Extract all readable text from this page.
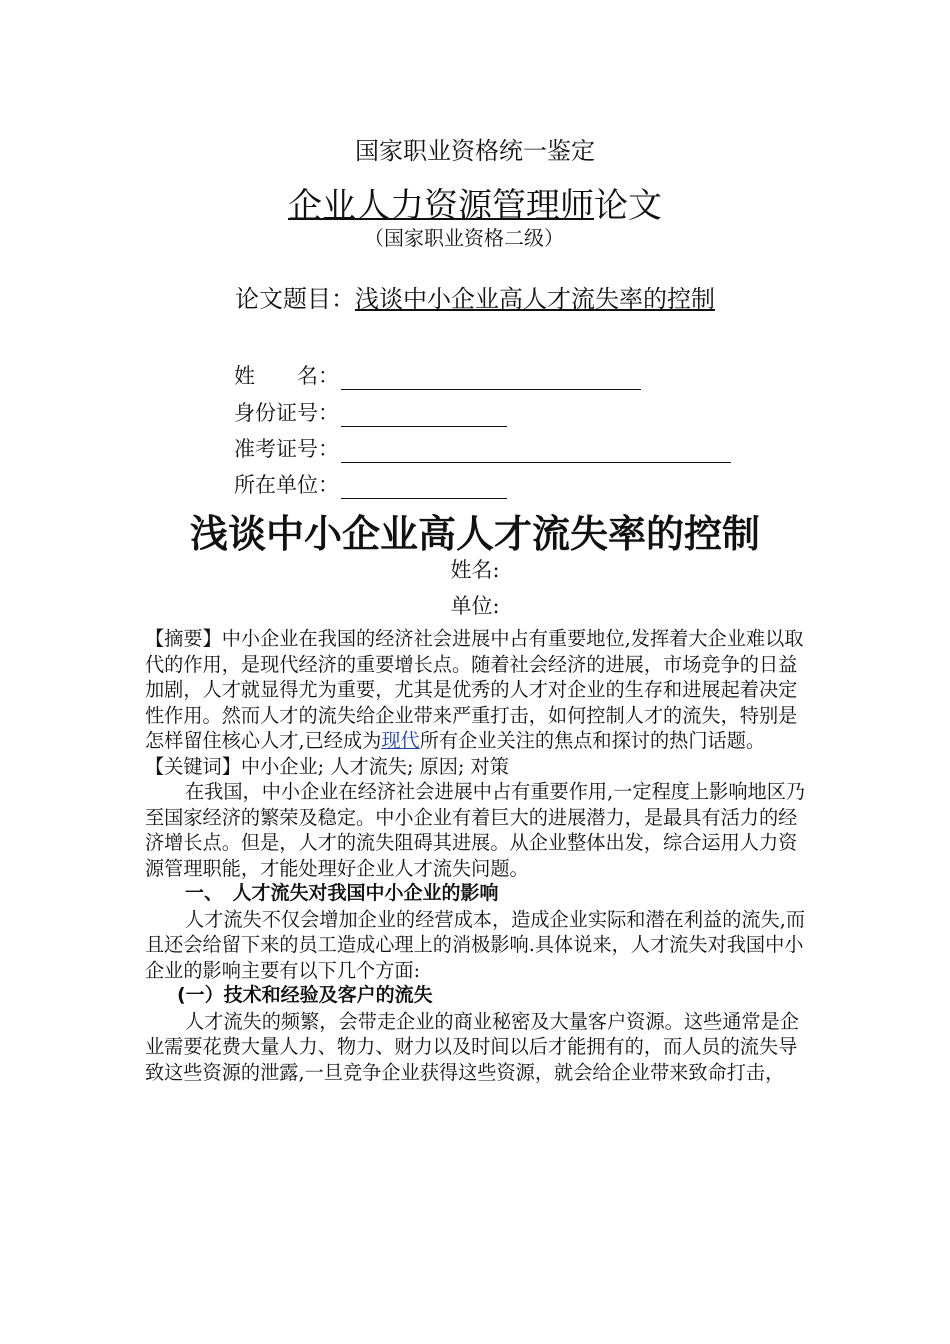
国家职业资格统一鉴定
企业人力资源管理师论文
（国家职业资格二级）
论文题目：浅谈中小企业高人才流失率的控制
姓　　名：
身份证号：
准考证号：
所在单位：
浅谈中小企业高人才流失率的控制
姓名:
单位:

【摘要】中小企业在我国的经济社会进展中占有重要地位,发挥着大企业难以取代的作用，是现代经济的重要增长点。随着社会经济的进展，市场竞争的日益加剧，人才就显得尤为重要，尤其是优秀的人才对企业的生存和进展起着决定性作用。然而人才的流失给企业带来严重打击，如何控制人才的流失，特别是怎样留住核心人才,已经成为现代所有企业关注的焦点和探讨的热门话题。

【关键词】中小企业; 人才流失; 原因; 对策

在我国，中小企业在经济社会进展中占有重要作用,一定程度上影响地区乃至国家经济的繁荣及稳定。中小企业有着巨大的进展潜力，是最具有活力的经济增长点。但是，人才的流失阻碍其进展。从企业整体出发，综合运用人力资源管理职能，才能处理好企业人才流失问题。

一、　人才流失对我国中小企业的影响

人才流失不仅会增加企业的经营成本，造成企业实际和潜在利益的流失,而且还会给留下来的员工造成心理上的消极影响.具体说来，人才流失对我国中小企业的影响主要有以下几个方面:

(一）技术和经验及客户的流失

人才流失的频繁，会带走企业的商业秘密及大量客户资源。这些通常是企业需要花费大量人力、物力、财力以及时间以后才能拥有的，而人员的流失导致这些资源的泄露,一旦竞争企业获得这些资源，就会给企业带来致命打击，
